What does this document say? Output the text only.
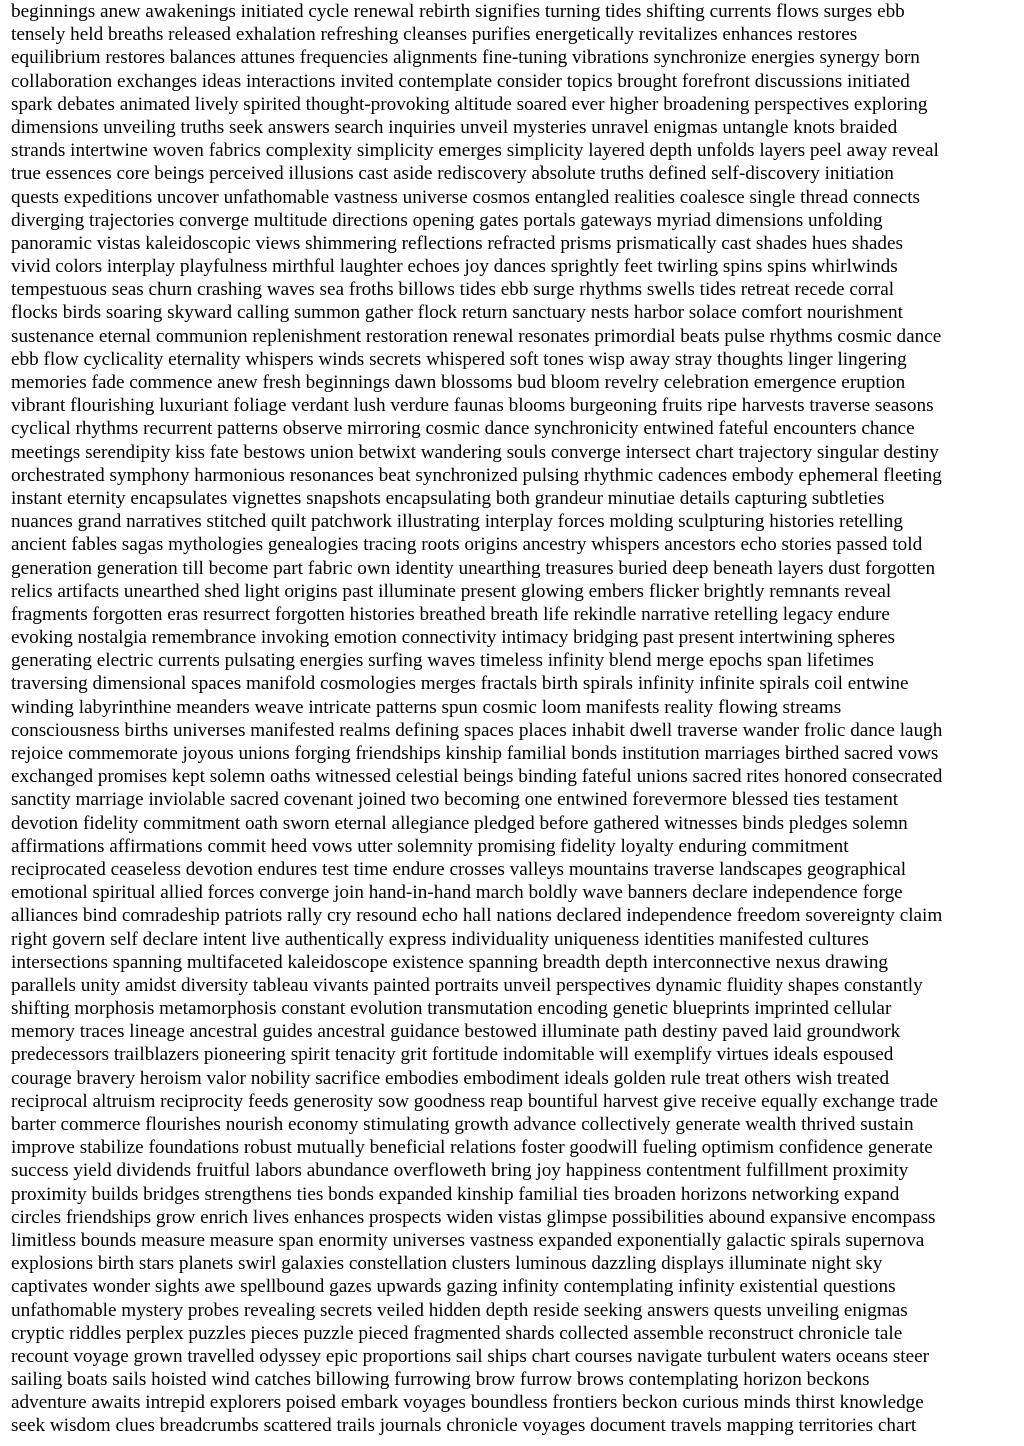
beginnings anew awakenings initiated cycle renewal rebirth signifies turning tides shifting currents flows surges ebb
tensely held breaths released exhalation refreshing cleanses purifies energetically revitalizes enhances restores
equilibrium restores balances attunes frequencies alignments fine-tuning vibrations synchronize energies synergy born
collaboration exchanges ideas interactions invited contemplate consider topics brought forefront discussions initiated
spark debates animated lively spirited thought-provoking altitude soared ever higher broadening perspectives exploring
dimensions unveiling truths seek answers search inquiries unveil mysteries unravel enigmas untangle knots braided
strands intertwine woven fabrics complexity simplicity emerges simplicity layered depth unfolds layers peel away reveal
true essences core beings perceived illusions cast aside rediscovery absolute truths defined self-discovery initiation
quests expeditions uncover unfathomable vastness universe cosmos entangled realities coalesce single thread connects
diverging trajectories converge multitude directions opening gates portals gateways myriad dimensions unfolding
panoramic vistas kaleidoscopic views shimmering reflections refracted prisms prismatically cast shades hues shades
vivid colors interplay playfulness mirthful laughter echoes joy dances sprightly feet twirling spins spins whirlwinds
tempestuous seas churn crashing waves sea froths billows tides ebb surge rhythms swells tides retreat recede corral
flocks birds soaring skyward calling summon gather flock return sanctuary nests harbor solace comfort nourishment
sustenance eternal communion replenishment restoration renewal resonates primordial beats pulse rhythms cosmic dance
ebb flow cyclicality eternality whispers winds secrets whispered soft tones wisp away stray thoughts linger lingering
memories fade commence anew fresh beginnings dawn blossoms bud bloom revelry celebration emergence eruption
vibrant flourishing luxuriant foliage verdant lush verdure faunas blooms burgeoning fruits ripe harvests traverse seasons
cyclical rhythms recurrent patterns observe mirroring cosmic dance synchronicity entwined fateful encounters chance
meetings serendipity kiss fate bestows union betwixt wandering souls converge intersect chart trajectory singular destiny
orchestrated symphony harmonious resonances beat synchronized pulsing rhythmic cadences embody ephemeral fleeting
instant eternity encapsulates vignettes snapshots encapsulating both grandeur minutiae details capturing subtleties
nuances grand narratives stitched quilt patchwork illustrating interplay forces molding sculpturing histories retelling
ancient fables sagas mythologies genealogies tracing roots origins ancestry whispers ancestors echo stories passed told
generation generation till become part fabric own identity unearthing treasures buried deep beneath layers dust forgotten
relics artifacts unearthed shed light origins past illuminate present glowing embers flicker brightly remnants reveal
fragments forgotten eras resurrect forgotten histories breathed breath life rekindle narrative retelling legacy endure
evoking nostalgia remembrance invoking emotion connectivity intimacy bridging past present intertwining spheres
generating electric currents pulsating energies surfing waves timeless infinity blend merge epochs span lifetimes
traversing dimensional spaces manifold cosmologies merges fractals birth spirals infinity infinite spirals coil entwine
winding labyrinthine meanders weave intricate patterns spun cosmic loom manifests reality flowing streams
consciousness births universes manifested realms defining spaces places inhabit dwell traverse wander frolic dance laugh
rejoice commemorate joyous unions forging friendships kinship familial bonds institution marriages birthed sacred vows
exchanged promises kept solemn oaths witnessed celestial beings binding fateful unions sacred rites honored consecrated
sanctity marriage inviolable sacred covenant joined two becoming one entwined forevermore blessed ties testament
devotion fidelity commitment oath sworn eternal allegiance pledged before gathered witnesses binds pledges solemn
affirmations affirmations commit heed vows utter solemnity promising fidelity loyalty enduring commitment
reciprocated ceaseless devotion endures test time endure crosses valleys mountains traverse landscapes geographical
emotional spiritual allied forces converge join hand-in-hand march boldly wave banners declare independence forge
alliances bind comradeship patriots rally cry resound echo hall nations declared independence freedom sovereignty claim
right govern self declare intent live authentically express individuality uniqueness identities manifested cultures
intersections spanning multifaceted kaleidoscope existence spanning breadth depth interconnective nexus drawing
parallels unity amidst diversity tableau vivants painted portraits unveil perspectives dynamic fluidity shapes constantly
shifting morphosis metamorphosis constant evolution transmutation encoding genetic blueprints imprinted cellular
memory traces lineage ancestral guides ancestral guidance bestowed illuminate path destiny paved laid groundwork
predecessors trailblazers pioneering spirit tenacity grit fortitude indomitable will exemplify virtues ideals espoused
courage bravery heroism valor nobility sacrifice embodies embodiment ideals golden rule treat others wish treated
reciprocal altruism reciprocity feeds generosity sow goodness reap bountiful harvest give receive equally exchange trade
barter commerce flourishes nourish economy stimulating growth advance collectively generate wealth thrived sustain
improve stabilize foundations robust mutually beneficial relations foster goodwill fueling optimism confidence generate
success yield dividends fruitful labors abundance overfloweth bring joy happiness contentment fulfillment proximity
proximity builds bridges strengthens ties bonds expanded kinship familial ties broaden horizons networking expand
circles friendships grow enrich lives enhances prospects widen vistas glimpse possibilities abound expansive encompass
limitless bounds measure measure span enormity universes vastness expanded exponentially galactic spirals supernova
explosions birth stars planets swirl galaxies constellation clusters luminous dazzling displays illuminate night sky
captivates wonder sights awe spellbound gazes upwards gazing infinity contemplating infinity existential questions
unfathomable mystery probes revealing secrets veiled hidden depth reside seeking answers quests unveiling enigmas
cryptic riddles perplex puzzles pieces puzzle pieced fragmented shards collected assemble reconstruct chronicle tale
recount voyage grown travelled odyssey epic proportions sail ships chart courses navigate turbulent waters oceans steer
sailing boats sails hoisted wind catches billowing furrowing brow furrow brows contemplating horizon beckons
adventure awaits intrepid explorers poised embark voyages boundless frontiers beckon curious minds thirst knowledge
seek wisdom clues breadcrumbs scattered trails journals chronicle voyages document travels mapping territories chart
